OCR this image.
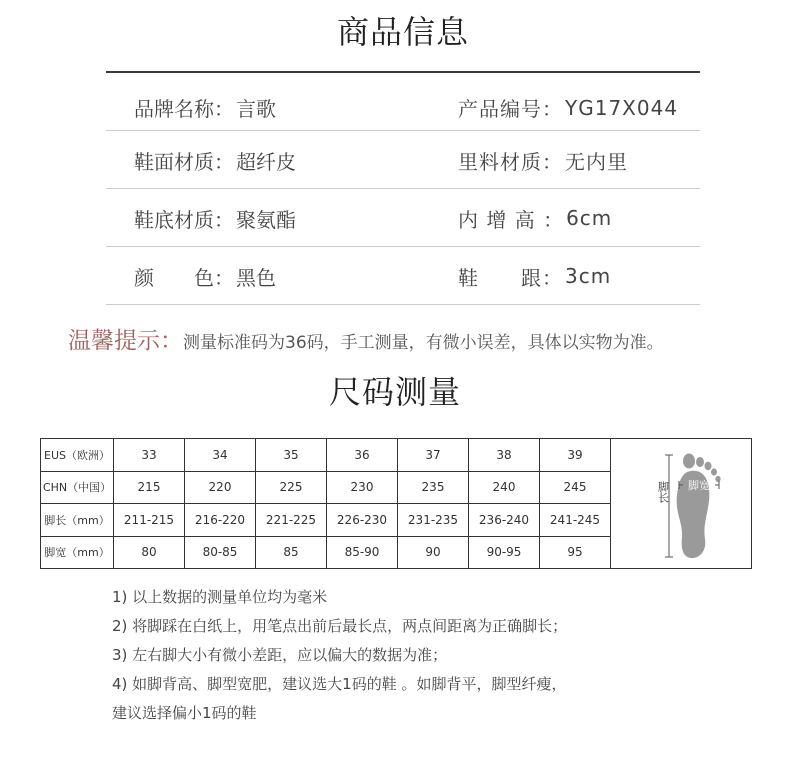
商品信息
品牌名称： 言歌	产品编号： YG17X044
鞋面材质： 超纤皮	里料材质： 无内里
鞋底材质： 聚氨酯	内 增 高 ： 6cm
颜　　色： 黑色	鞋　　跟： 3cm
温馨提示：测量标准码为36码，手工测量，有微小误差，具体以实物为准。
尺码测量
EUS（欧洲）	33	34	35	36	37	38	39	脚长 脚宽

CHN（中国）	215	220	225	230	235	240	245	
脚长（mm）	211-215	216-220	221-225	226-230	231-235	236-240	241-245	
脚宽（mm）	80	80-85	85	85-90	90	90-95	95	
1) 以上数据的测量单位均为毫米
2) 将脚踩在白纸上，用笔点出前后最长点，两点间距离为正确脚长；
3) 左右脚大小有微小差距，应以偏大的数据为准；
4) 如脚背高、脚型宽肥，建议选大1码的鞋 。如脚背平，脚型纤瘦，
建议选择偏小1码的鞋
